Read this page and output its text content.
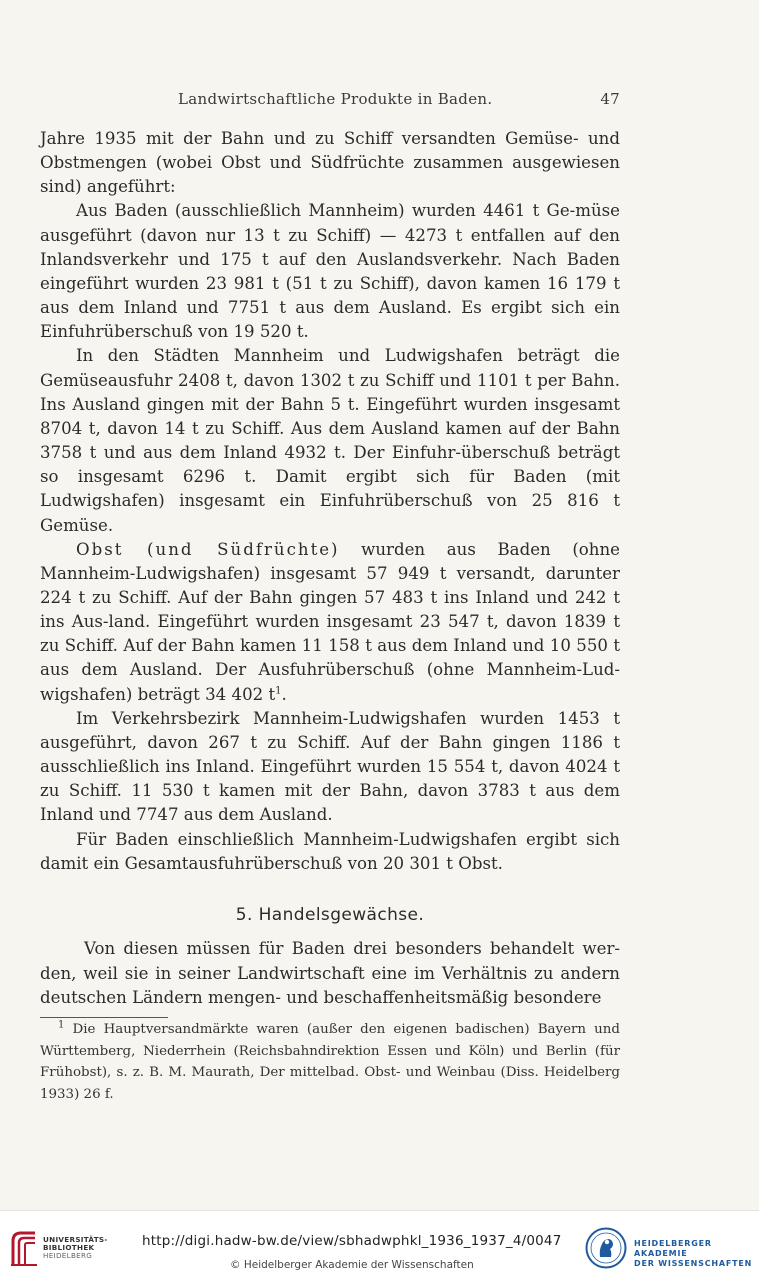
Landwirtschaftliche Produkte in Baden.	47

Jahre 1935 mit der Bahn und zu Schiff versandten Gemüse- und Obstmengen (wobei Obst und Südfrüchte zusammen ausgewiesen sind) angeführt:

Aus Baden (ausschließlich Mannheim) wurden 4461 t Ge-müse ausgeführt (davon nur 13 t zu Schiff) — 4273 t entfallen auf den Inlandsverkehr und 175 t auf den Auslandsverkehr. Nach Baden eingeführt wurden 23 981 t (51 t zu Schiff), davon kamen 16 179 t aus dem Inland und 7751 t aus dem Ausland. Es ergibt sich ein Einfuhrüberschuß von 19 520 t.

In den Städten Mannheim und Ludwigshafen beträgt die Gemüseausfuhr 2408 t, davon 1302 t zu Schiff und 1101 t per Bahn. Ins Ausland gingen mit der Bahn 5 t. Eingeführt wurden insgesamt 8704 t, davon 14 t zu Schiff. Aus dem Ausland kamen auf der Bahn 3758 t und aus dem Inland 4932 t. Der Einfuhr-überschuß beträgt so insgesamt 6296 t. Damit ergibt sich für Baden (mit Ludwigshafen) insgesamt ein Einfuhrüberschuß von 25 816 t Gemüse.

Obst (und Südfrüchte) wurden aus Baden (ohne Mannheim-Ludwigshafen) insgesamt 57 949 t versandt, darunter 224 t zu Schiff. Auf der Bahn gingen 57 483 t ins Inland und 242 t ins Aus-land. Eingeführt wurden insgesamt 23 547 t, davon 1839 t zu Schiff. Auf der Bahn kamen 11 158 t aus dem Inland und 10 550 t aus dem Ausland. Der Ausfuhrüberschuß (ohne Mannheim-Lud-wigshafen) beträgt 34 402 $t^1$.

Im Verkehrsbezirk Mannheim-Ludwigshafen wurden 1453 t ausgeführt, davon 267 t zu Schiff. Auf der Bahn gingen 1186 t ausschließlich ins Inland. Eingeführt wurden 15 554 t, davon 4024 t zu Schiff. 11 530 t kamen mit der Bahn, davon 3783 t aus dem Inland und 7747 aus dem Ausland.

Für Baden einschließlich Mannheim-Ludwigshafen ergibt sich damit ein Gesamtausfuhrüberschuß von 20 301 t Obst.

5. Handelsgewächse.

Von diesen müssen für Baden drei besonders behandelt wer-den, weil sie in seiner Landwirtschaft eine im Verhältnis zu andern deutschen Ländern mengen- und beschaffenheitsmäßig besondere

$^1$ Die Hauptversandmärkte waren (außer den eigenen badischen) Bayern und Württemberg, Niederrhein (Reichsbahndirektion Essen und Köln) und Berlin (für Frühobst), s. z. B. M. Maurath, Der mittelbad. Obst- und Weinbau (Diss. Heidelberg 1933) 26 f.

UNIVERSITÄTS-
BIBLIOTHEK
HEIDELBERG
http://digi.hadw-bw.de/view/sbhadwphkl_1936_1937_4/0047
© Heidelberger Akademie der Wissenschaften
HEIDELBERGER AKADEMIE
DER WISSENSCHAFTEN
